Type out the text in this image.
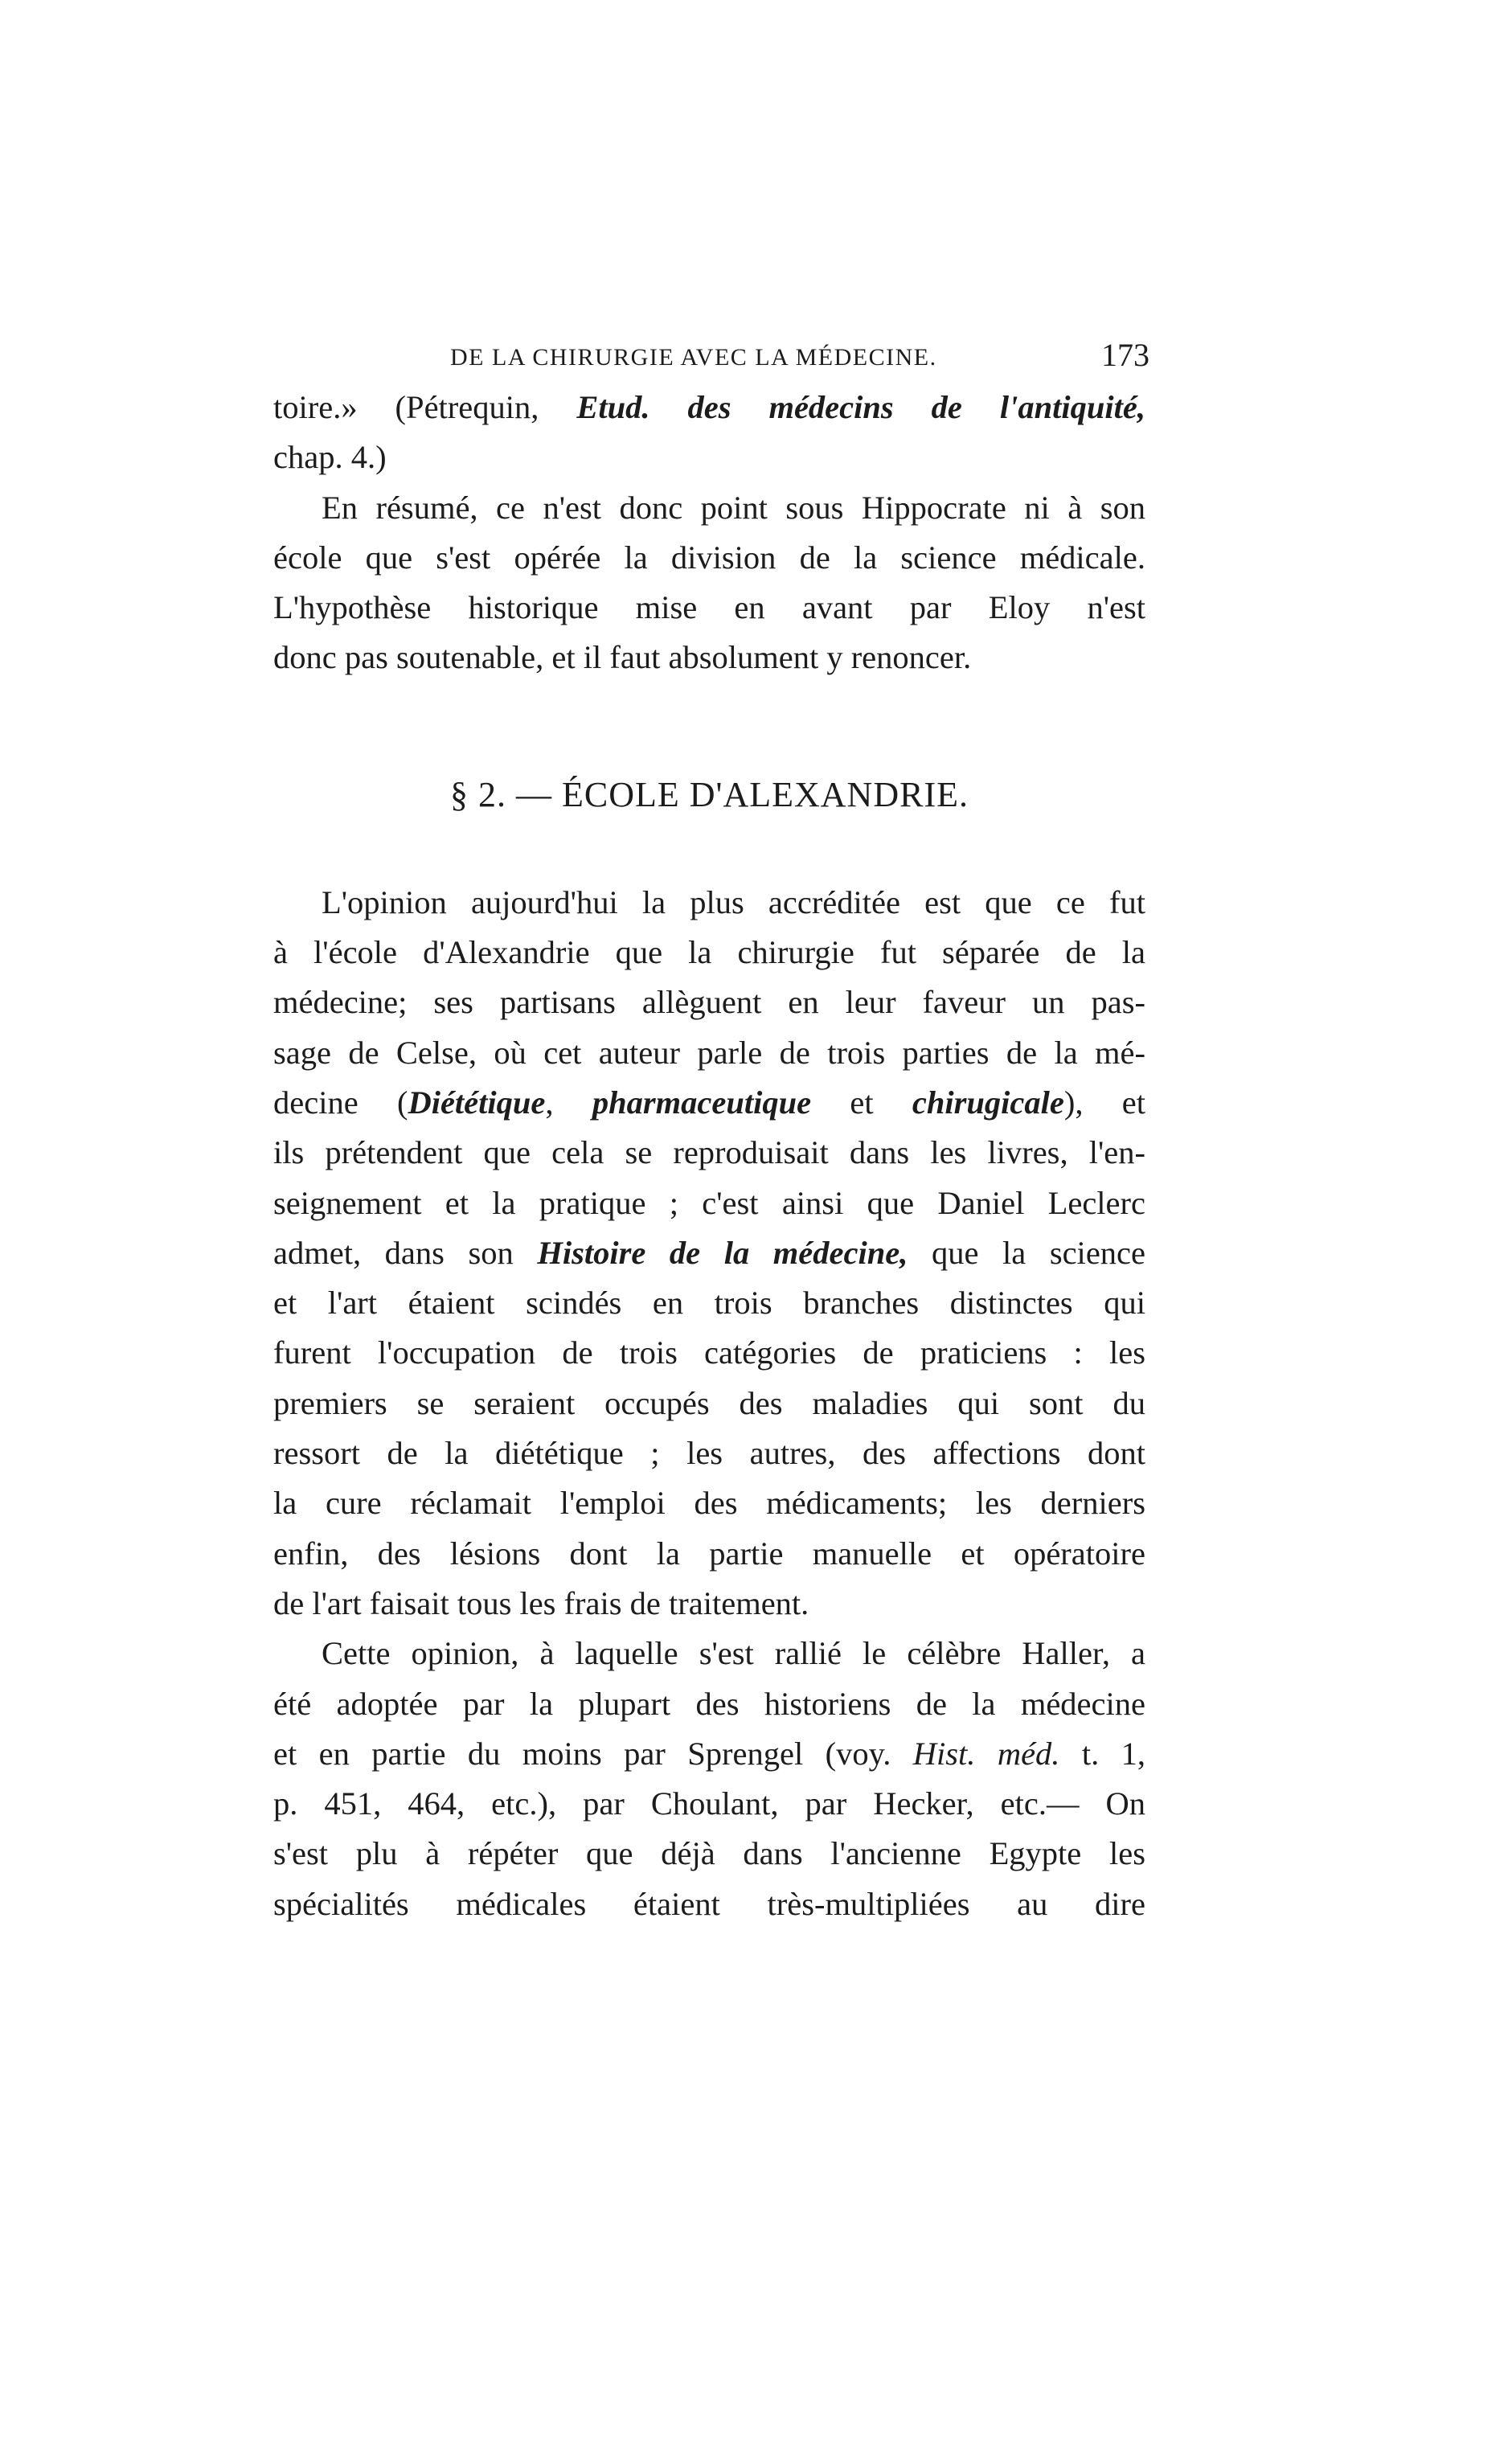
DE LA CHIRURGIE AVEC LA MÉDECINE.	173

toire.» (Pétrequin, Etud. des médecins de l'antiquité,

chap. 4.)

En résumé, ce n'est donc point sous Hippocrate ni à son

école que s'est opérée la division de la science médicale.

L'hypothèse historique mise en avant par Eloy n'est

donc pas soutenable, et il faut absolument y renoncer.

§ 2. — ÉCOLE D'ALEXANDRIE.

L'opinion aujourd'hui la plus accréditée est que ce fut

à l'école d'Alexandrie que la chirurgie fut séparée de la

médecine; ses partisans allèguent en leur faveur un pas-

sage de Celse, où cet auteur parle de trois parties de la mé-

decine (Diététique, pharmaceutique et chirugicale), et

ils prétendent que cela se reproduisait dans les livres, l'en-

seignement et la pratique ; c'est ainsi que Daniel Leclerc

admet, dans son Histoire de la médecine, que la science

et l'art étaient scindés en trois branches distinctes qui

furent l'occupation de trois catégories de praticiens : les

premiers se seraient occupés des maladies qui sont du

ressort de la diététique ; les autres, des affections dont

la cure réclamait l'emploi des médicaments; les derniers

enfin, des lésions dont la partie manuelle et opératoire

de l'art faisait tous les frais de traitement.

Cette opinion, à laquelle s'est rallié le célèbre Haller, a

été adoptée par la plupart des historiens de la médecine

et en partie du moins par Sprengel (voy. Hist. méd. t. 1,

p. 451, 464, etc.), par Choulant, par Hecker, etc.— On

s'est plu à répéter que déjà dans l'ancienne Egypte les

spécialités médicales étaient très-multipliées au dire
